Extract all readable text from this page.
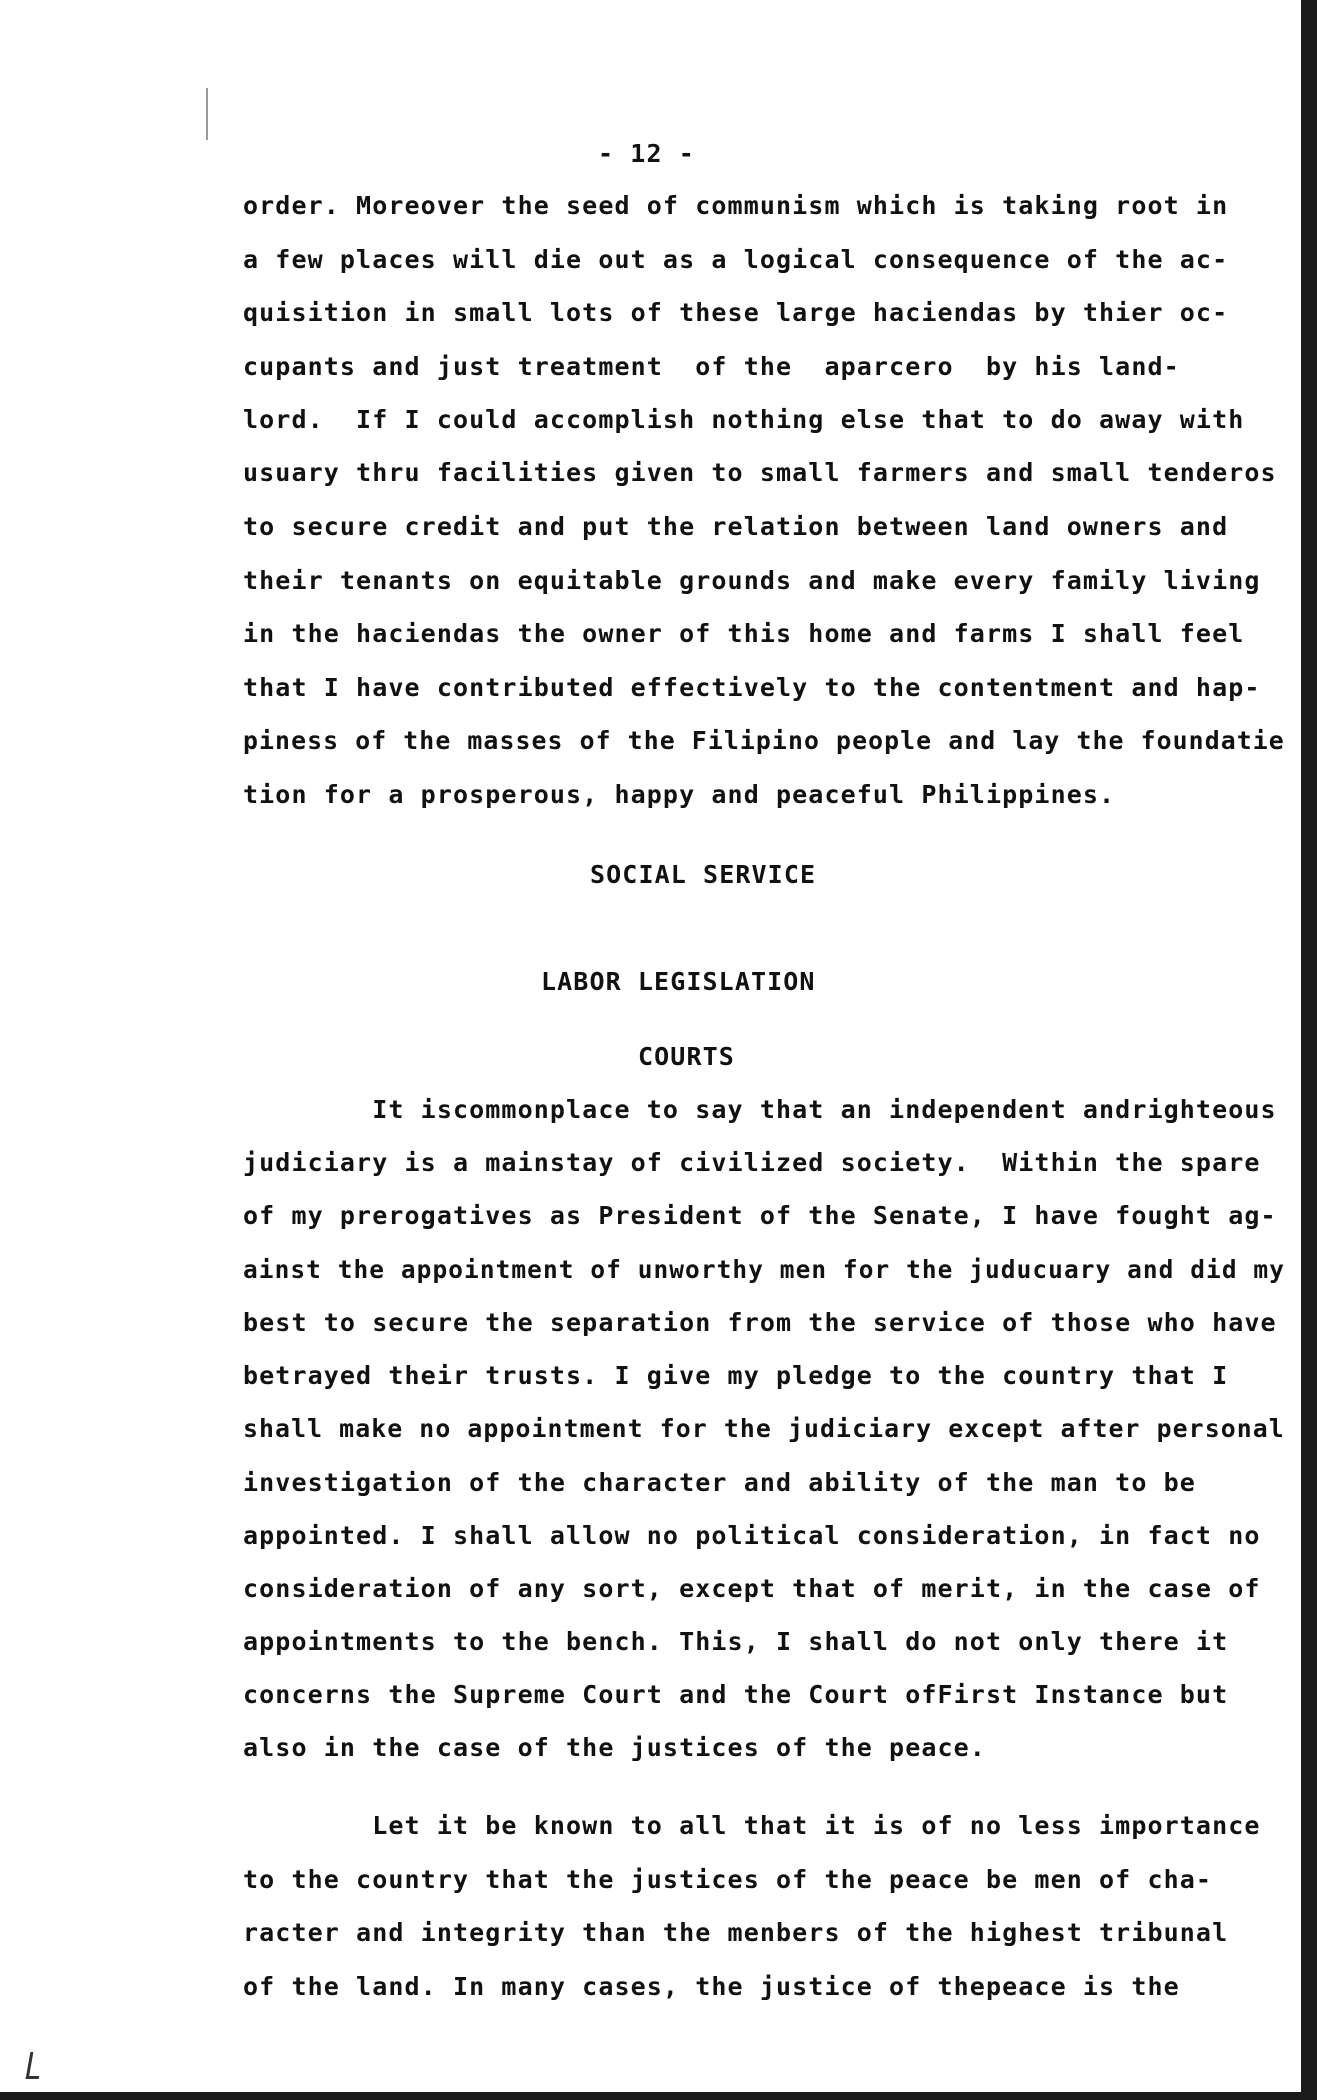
- 12 -

order. Moreover the seed of communism which is taking root in

a few places will die out as a logical consequence of the ac-

quisition in small lots of these large haciendas by thier oc-

cupants and just treatment  of the  aparcero  by his land-

lord.  If I could accomplish nothing else that to do away with

usuary thru facilities given to small farmers and small tenderos

to secure credit and put the relation between land owners and

their tenants on equitable grounds and make every family living

in the haciendas the owner of this home and farms I shall feel

that I have contributed effectively to the contentment and hap-

piness of the masses of the Filipino people and lay the foundatie

tion for a prosperous, happy and peaceful Philippines.

SOCIAL SERVICE

LABOR LEGISLATION

COURTS

It iscommonplace to say that an independent andrighteous

judiciary is a mainstay of civilized society.  Within the spare

of my prerogatives as President of the Senate, I have fought ag-

ainst the appointment of unworthy men for the juducuary and did my

best to secure the separation from the service of those who have

betrayed their trusts. I give my pledge to the country that I

shall make no appointment for the judiciary except after personal

investigation of the character and ability of the man to be

appointed. I shall allow no political consideration, in fact no

consideration of any sort, except that of merit, in the case of

appointments to the bench. This, I shall do not only there it

concerns the Supreme Court and the Court ofFirst Instance but

also in the case of the justices of the peace.

Let it be known to all that it is of no less importance

to the country that the justices of the peace be men of cha-

racter and integrity than the menbers of the highest tribunal

of the land. In many cases, the justice of thepeace is the
